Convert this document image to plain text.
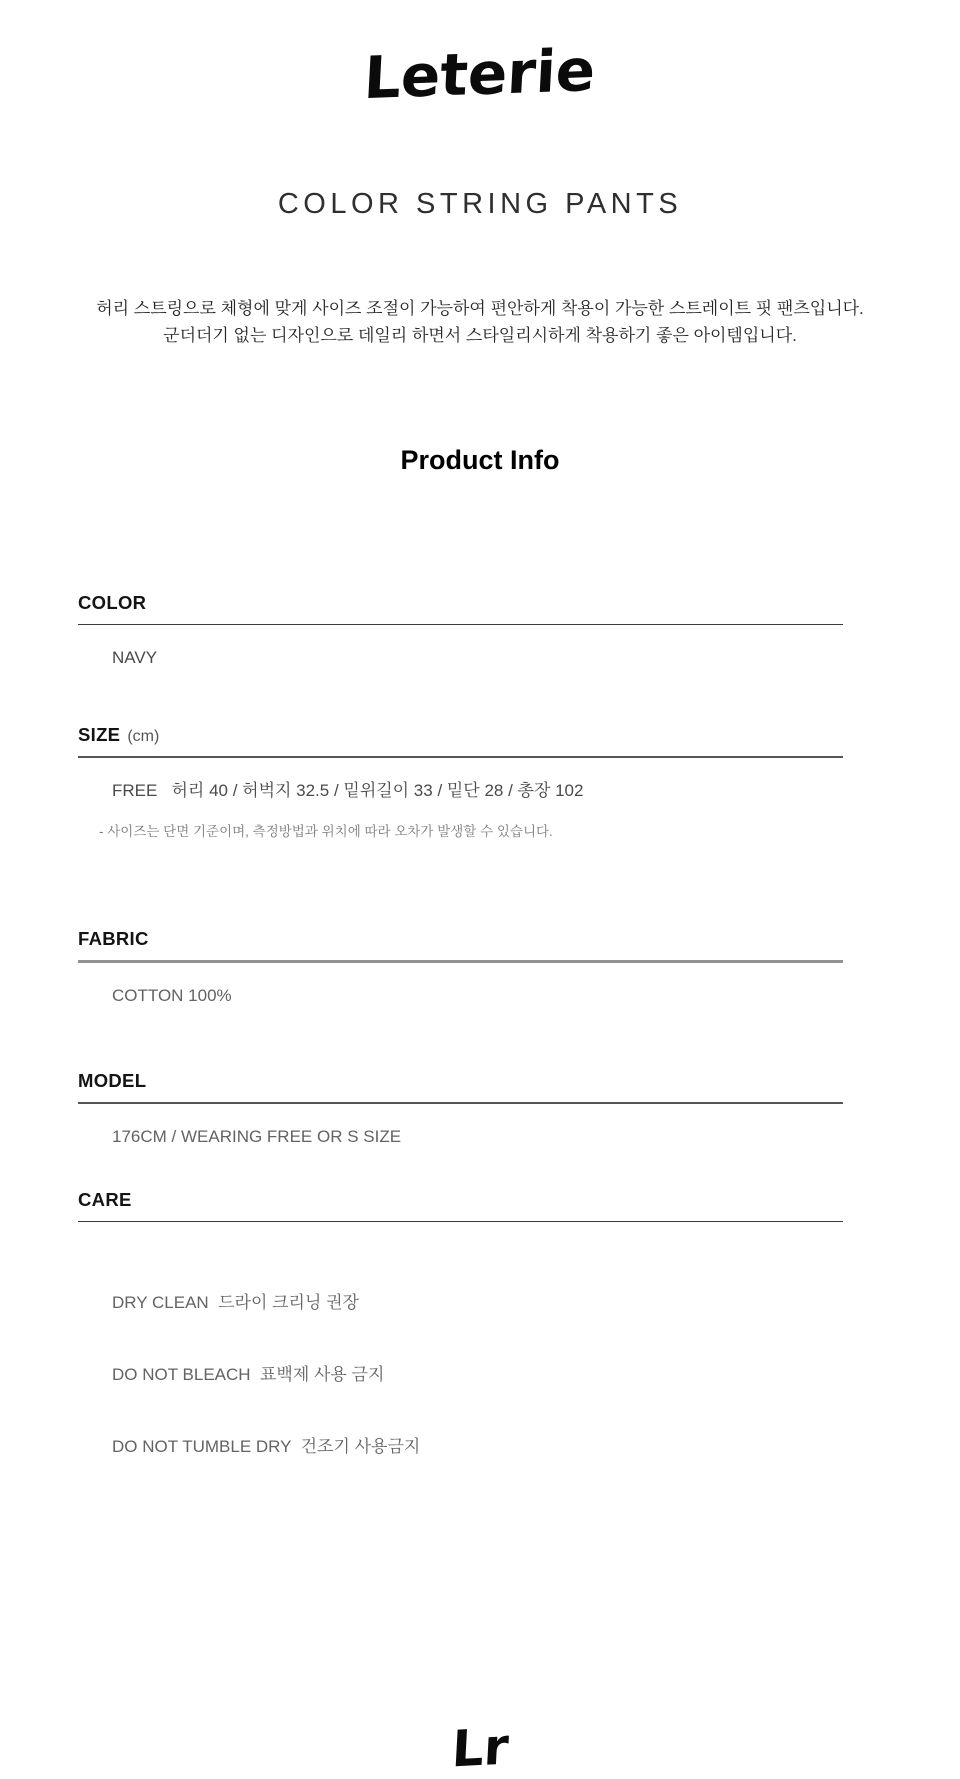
Leterie
COLOR STRING PANTS
허리 스트링으로 체형에 맞게 사이즈 조절이 가능하여 편안하게 착용이 가능한 스트레이트 핏 팬츠입니다.
군더더기 없는 디자인으로 데일리 하면서 스타일리시하게 착용하기 좋은 아이템입니다.
Product Info
COLOR
NAVY
SIZE (cm)
FREE   허리 40 / 허벅지 32.5 / 밑위길이 33 / 밑단 28 / 총장 102
- 사이즈는 단면 기준이며, 측정방법과 위치에 따라 오차가 발생할 수 있습니다.
FABRIC
COTTON 100%
MODEL
176CM / WEARING FREE OR S SIZE
CARE

DRY CLEAN  드라이 크리닝 권장

DO NOT BLEACH  표백제 사용 금지

DO NOT TUMBLE DRY  건조기 사용금지

Lr
